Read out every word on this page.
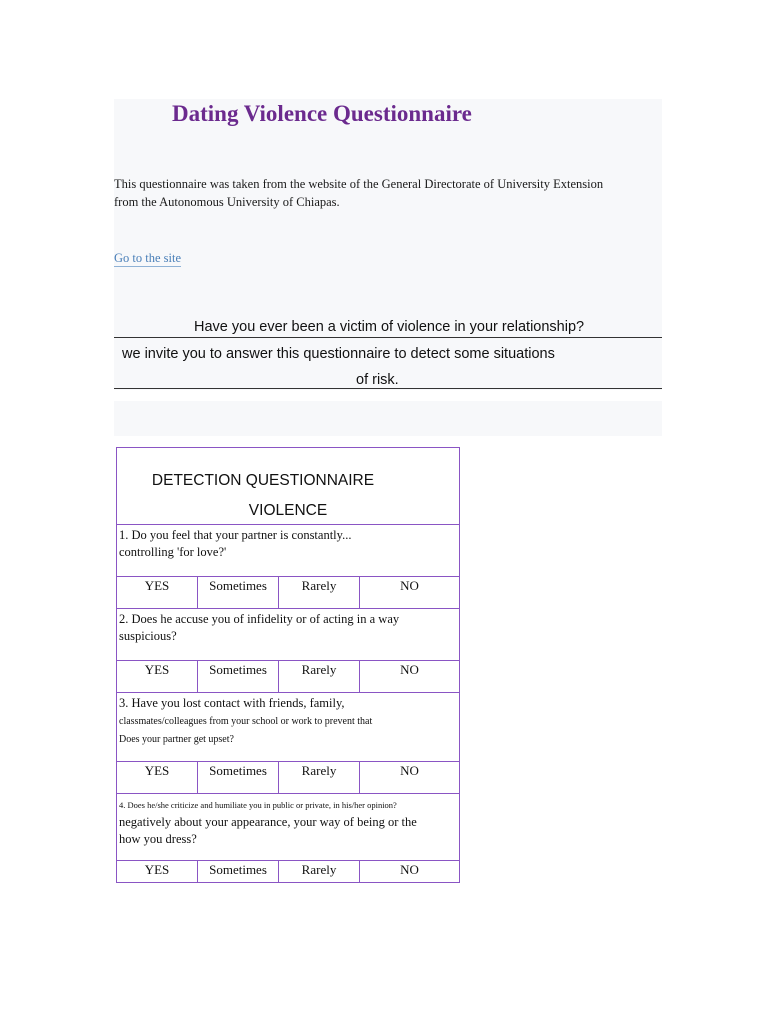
Dating Violence Questionnaire
This questionnaire was taken from the website of the General Directorate of University Extension
from the Autonomous University of Chiapas.
Go to the site
Have you ever been a victim of violence in your relationship?
we invite you to answer this questionnaire to detect some situations
of risk.
DETECTION QUESTIONNAIRE
VIOLENCE			

1. Do you feel that your partner is constantly...
controlling 'for love?'			
YES	Sometimes	Rarely	NO
2. Does he accuse you of infidelity or of acting in a way
suspicious?			
YES	Sometimes	Rarely	NO
3. Have you lost contact with friends, family,
classmates/colleagues from your school or work to prevent that
Does your partner get upset?			
YES	Sometimes	Rarely	NO
4. Does he/she criticize and humiliate you in public or private, in his/her opinion?
negatively about your appearance, your way of being or the
how you dress?			
YES	Sometimes	Rarely	NO
